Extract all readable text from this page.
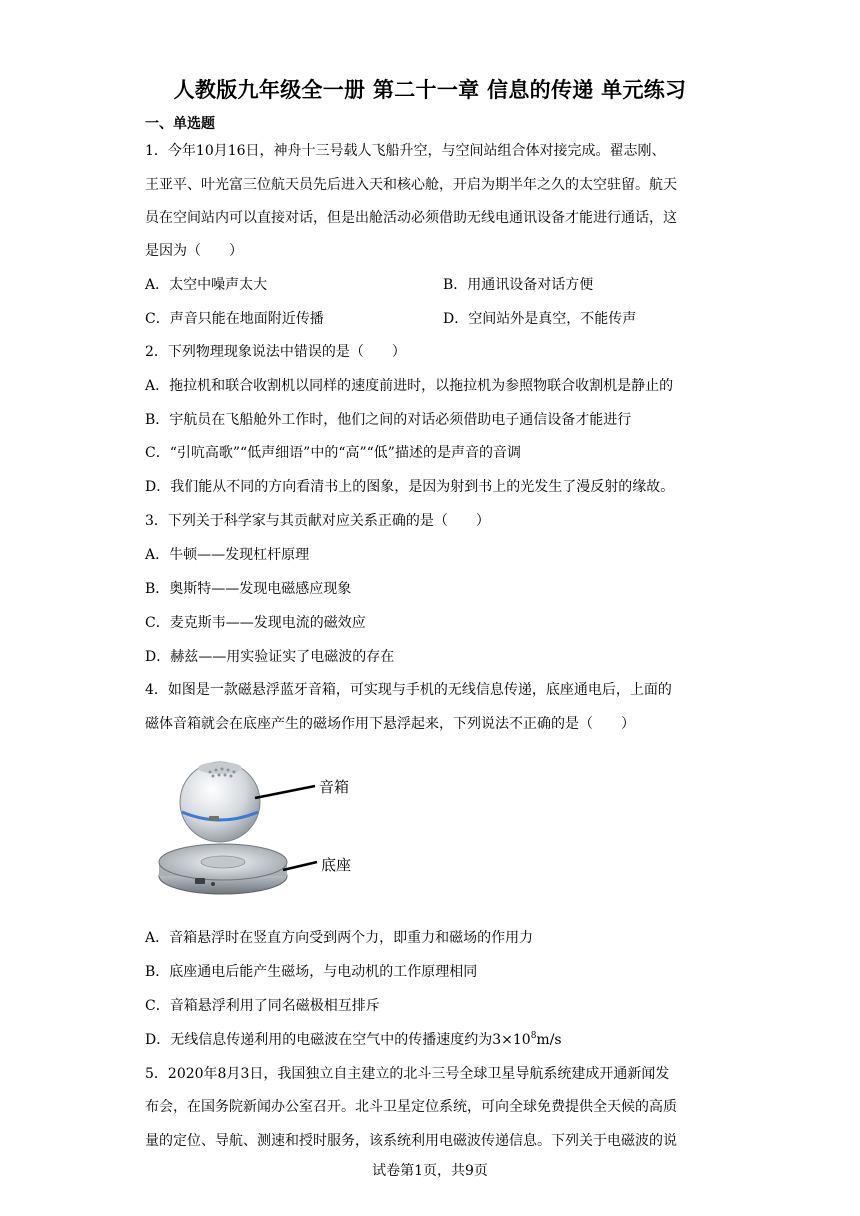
人教版九年级全一册 第二十一章 信息的传递 单元练习
一、单选题
1．今年10月16日，神舟十三号载人飞船升空，与空间站组合体对接完成。翟志刚、
王亚平、叶光富三位航天员先后进入天和核心舱，开启为期半年之久的太空驻留。航天
员在空间站内可以直接对话，但是出舱活动必须借助无线电通讯设备才能进行通话，这
是因为（　　）
A．太空中噪声太大	B．用通讯设备对话方便
C．声音只能在地面附近传播	D．空间站外是真空，不能传声
2．下列物理现象说法中错误的是（　　）
A．拖拉机和联合收割机以同样的速度前进时，以拖拉机为参照物联合收割机是静止的
B．宇航员在飞船舱外工作时，他们之间的对话必须借助电子通信设备才能进行
C．“引吭高歌”“低声细语”中的“高”“低”描述的是声音的音调
D．我们能从不同的方向看清书上的图象，是因为射到书上的光发生了漫反射的缘故。
3．下列关于科学家与其贡献对应关系正确的是（　　）
A．牛顿——发现杠杆原理
B．奥斯特——发现电磁感应现象
C．麦克斯韦——发现电流的磁效应
D．赫兹——用实验证实了电磁波的存在
4．如图是一款磁悬浮蓝牙音箱，可实现与手机的无线信息传递，底座通电后，上面的
磁体音箱就会在底座产生的磁场作用下悬浮起来，下列说法不正确的是（　　）
音箱
底座
A．音箱悬浮时在竖直方向受到两个力，即重力和磁场的作用力
B．底座通电后能产生磁场，与电动机的工作原理相同
C．音箱悬浮利用了同名磁极相互排斥
D．无线信息传递利用的电磁波在空气中的传播速度约为$3\times 10^8m/s$
5．2020年8月3日，我国独立自主建立的北斗三号全球卫星导航系统建成开通新闻发
布会，在国务院新闻办公室召开。北斗卫星定位系统，可向全球免费提供全天候的高质
量的定位、导航、测速和授时服务，该系统利用电磁波传递信息。下列关于电磁波的说
试卷第1页，共9页
